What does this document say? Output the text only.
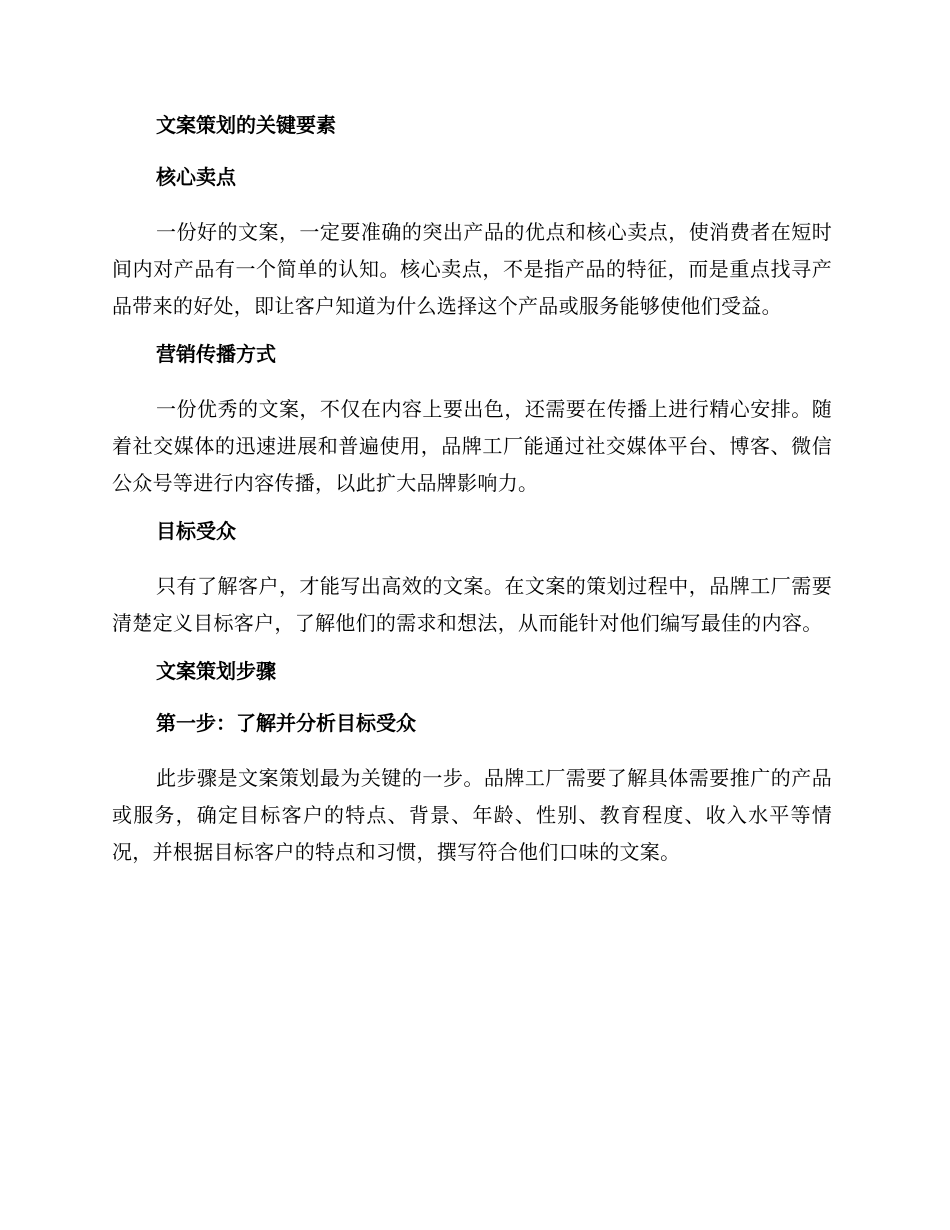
文案策划的关键要素
核心卖点
一份好的文案，一定要准确的突出产品的优点和核心卖点，使消费者在短时间内对产品有一个简单的认知。核心卖点，不是指产品的特征，而是重点找寻产品带来的好处，即让客户知道为什么选择这个产品或服务能够使他们受益。
营销传播方式
一份优秀的文案，不仅在内容上要出色，还需要在传播上进行精心安排。随着社交媒体的迅速进展和普遍使用，品牌工厂能通过社交媒体平台、博客、微信公众号等进行内容传播，以此扩大品牌影响力。
目标受众
只有了解客户，才能写出高效的文案。在文案的策划过程中，品牌工厂需要清楚定义目标客户，了解他们的需求和想法，从而能针对他们编写最佳的内容。
文案策划步骤
第一步：了解并分析目标受众
此步骤是文案策划最为关键的一步。品牌工厂需要了解具体需要推广的产品或服务，确定目标客户的特点、背景、年龄、性别、教育程度、收入水平等情况，并根据目标客户的特点和习惯，撰写符合他们口味的文案。
